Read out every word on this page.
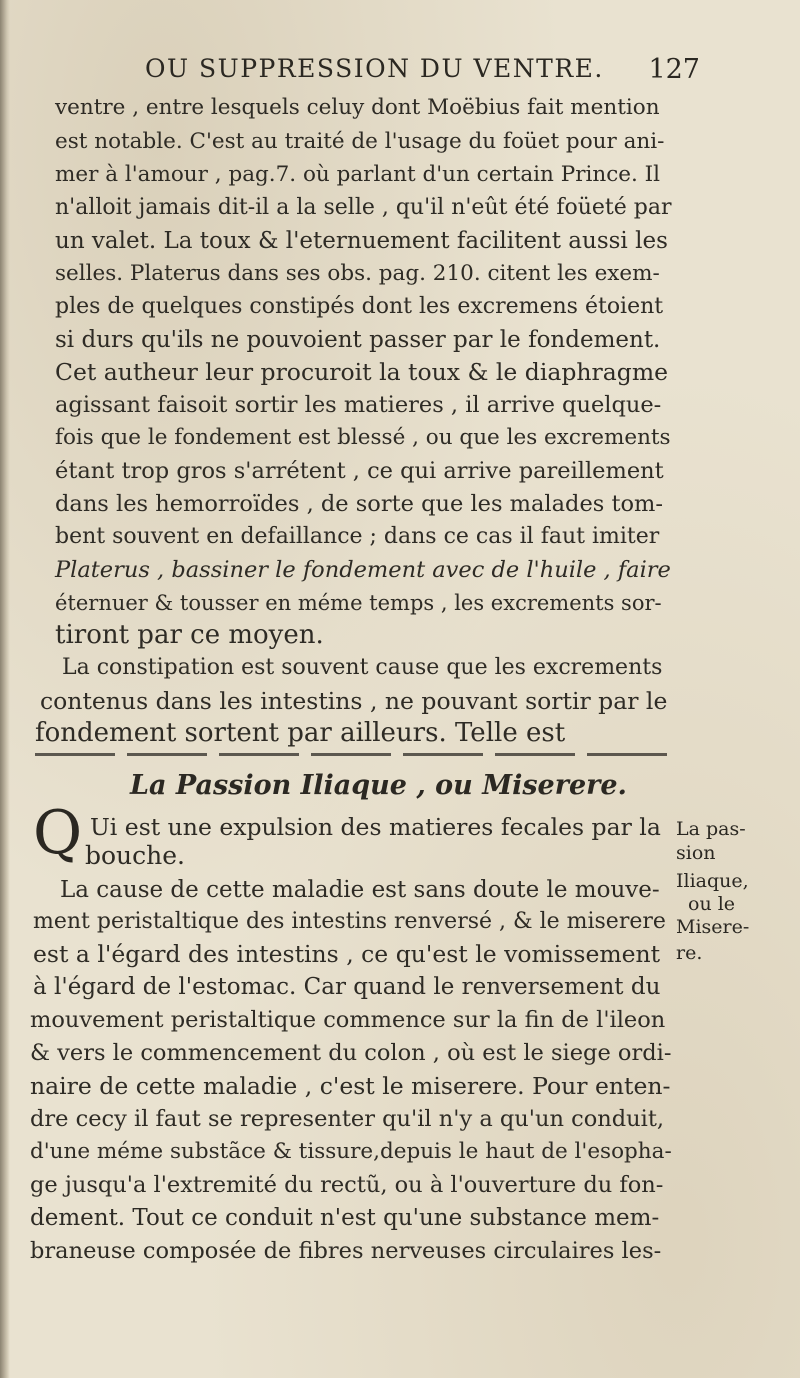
OU SUPPRESSION DU VENTRE. 127
ventre , entre lesquels celuy dont Moëbius fait mention
est notable. C'est au traité de l'usage du foüet pour ani-
mer à l'amour , pag.7. où parlant d'un certain Prince. Il
n'alloit jamais dit-il a la selle , qu'il n'eût été foüeté par
un valet. La toux & l'eternuement facilitent aussi les
selles. Platerus dans ses obs. pag. 210. citent les exem-
ples de quelques constipés dont les excremens étoient
si durs qu'ils ne pouvoient passer par le fondement.
Cet autheur leur procuroit la toux & le diaphragme
agissant faisoit sortir les matieres , il arrive quelque-
fois que le fondement est blessé , ou que les excrements
étant trop gros s'arrétent , ce qui arrive pareillement
dans les hemorroïdes , de sorte que les malades tom-
bent souvent en defaillance ; dans ce cas il faut imiter
Platerus , bassiner le fondement avec de l'huile , faire
éternuer & tousser en méme temps , les excrements sor-
tiront par ce moyen.
La constipation est souvent cause que les excrements
contenus dans les intestins , ne pouvant sortir par le
fondement sortent par ailleurs. Telle est
La Passion Iliaque , ou Miserere.
Q Ui est une expulsion des matieres fecales par la
bouche.
La cause de cette maladie est sans doute le mouve-
ment peristaltique des intestins renversé , & le miserere
est a l'égard des intestins , ce qu'est le vomissement
à l'égard de l'estomac. Car quand le renversement du
mouvement peristaltique commence sur la fin de l'ileon
& vers le commencement du colon , où est le siege ordi-
naire de cette maladie , c'est le miserere. Pour enten-
dre cecy il faut se representer qu'il n'y a qu'un conduit,
d'une méme substãce & tissure,depuis le haut de l'esopha-
ge jusqu'a l'extremité du rectũ, ou à l'ouverture du fon-
dement. Tout ce conduit n'est qu'une substance mem-
braneuse composée de fibres nerveuses circulaires les-
La pas-
sion
Iliaque,
ou le
Misere-
re.
